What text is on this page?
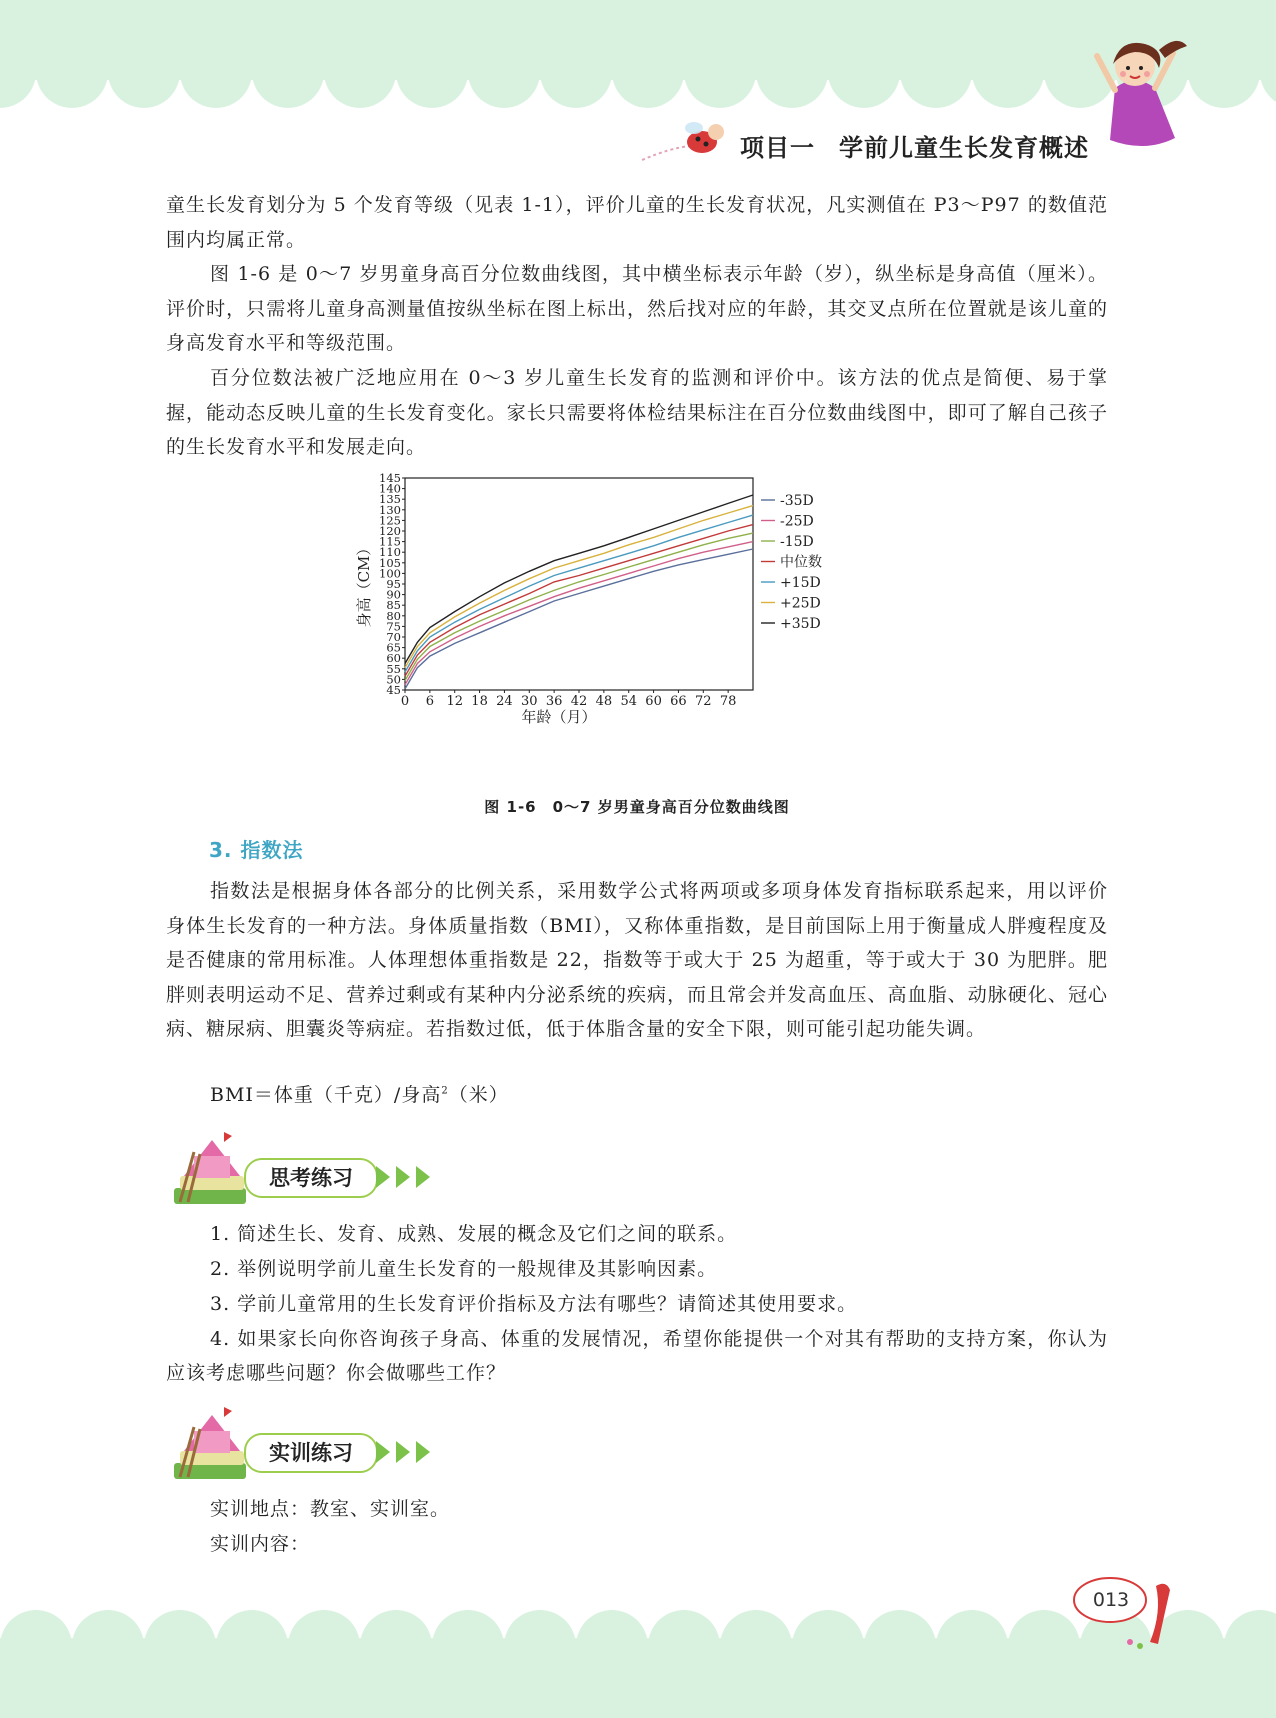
项目一 学前儿童生长发育概述

童生长发育划分为 5 个发育等级（见表 1-1），评价儿童的生长发育状况，凡实测值在 P3～P97 的数值范围内均属正常。

图 1-6 是 0～7 岁男童身高百分位数曲线图，其中横坐标表示年龄（岁），纵坐标是身高值（厘米）。评价时，只需将儿童身高测量值按纵坐标在图上标出，然后找对应的年龄，其交叉点所在位置就是该儿童的身高发育水平和等级范围。

百分位数法被广泛地应用在 0～3 岁儿童生长发育的监测和评价中。该方法的优点是简便、易于掌握，能动态反映儿童的生长发育变化。家长只需要将体检结果标注在百分位数曲线图中，即可了解自己孩子的生长发育水平和发展走向。

45
50
55
60
65
70
75
80
85
90
95
100
105
110
115
120
125
130
135
140
145
0 6 12 18 24 30 36 42 48 54 60 66 72 78
-35D
-25D
-15D
中位数
+15D
+25D
+35D
身高（CM）
年龄（月）
图 1-6　0～7 岁男童身高百分位数曲线图
3. 指数法

指数法是根据身体各部分的比例关系，采用数学公式将两项或多项身体发育指标联系起来，用以评价身体生长发育的一种方法。身体质量指数（BMI），又称体重指数，是目前国际上用于衡量成人胖瘦程度及是否健康的常用标准。人体理想体重指数是 22，指数等于或大于 25 为超重，等于或大于 30 为肥胖。肥胖则表明运动不足、营养过剩或有某种内分泌系统的疾病，而且常会并发高血压、高血脂、动脉硬化、冠心病、糖尿病、胆囊炎等病症。若指数过低，低于体脂含量的安全下限，则可能引起功能失调。

BMI＝体重（千克）/身高$^2$（米）
思考练习

1. 简述生长、发育、成熟、发展的概念及它们之间的联系。

2. 举例说明学前儿童生长发育的一般规律及其影响因素。

3. 学前儿童常用的生长发育评价指标及方法有哪些？请简述其使用要求。

4. 如果家长向你咨询孩子身高、体重的发展情况，希望你能提供一个对其有帮助的支持方案，你认为应该考虑哪些问题？你会做哪些工作？

实训练习

实训地点：教室、实训室。

实训内容：

013
